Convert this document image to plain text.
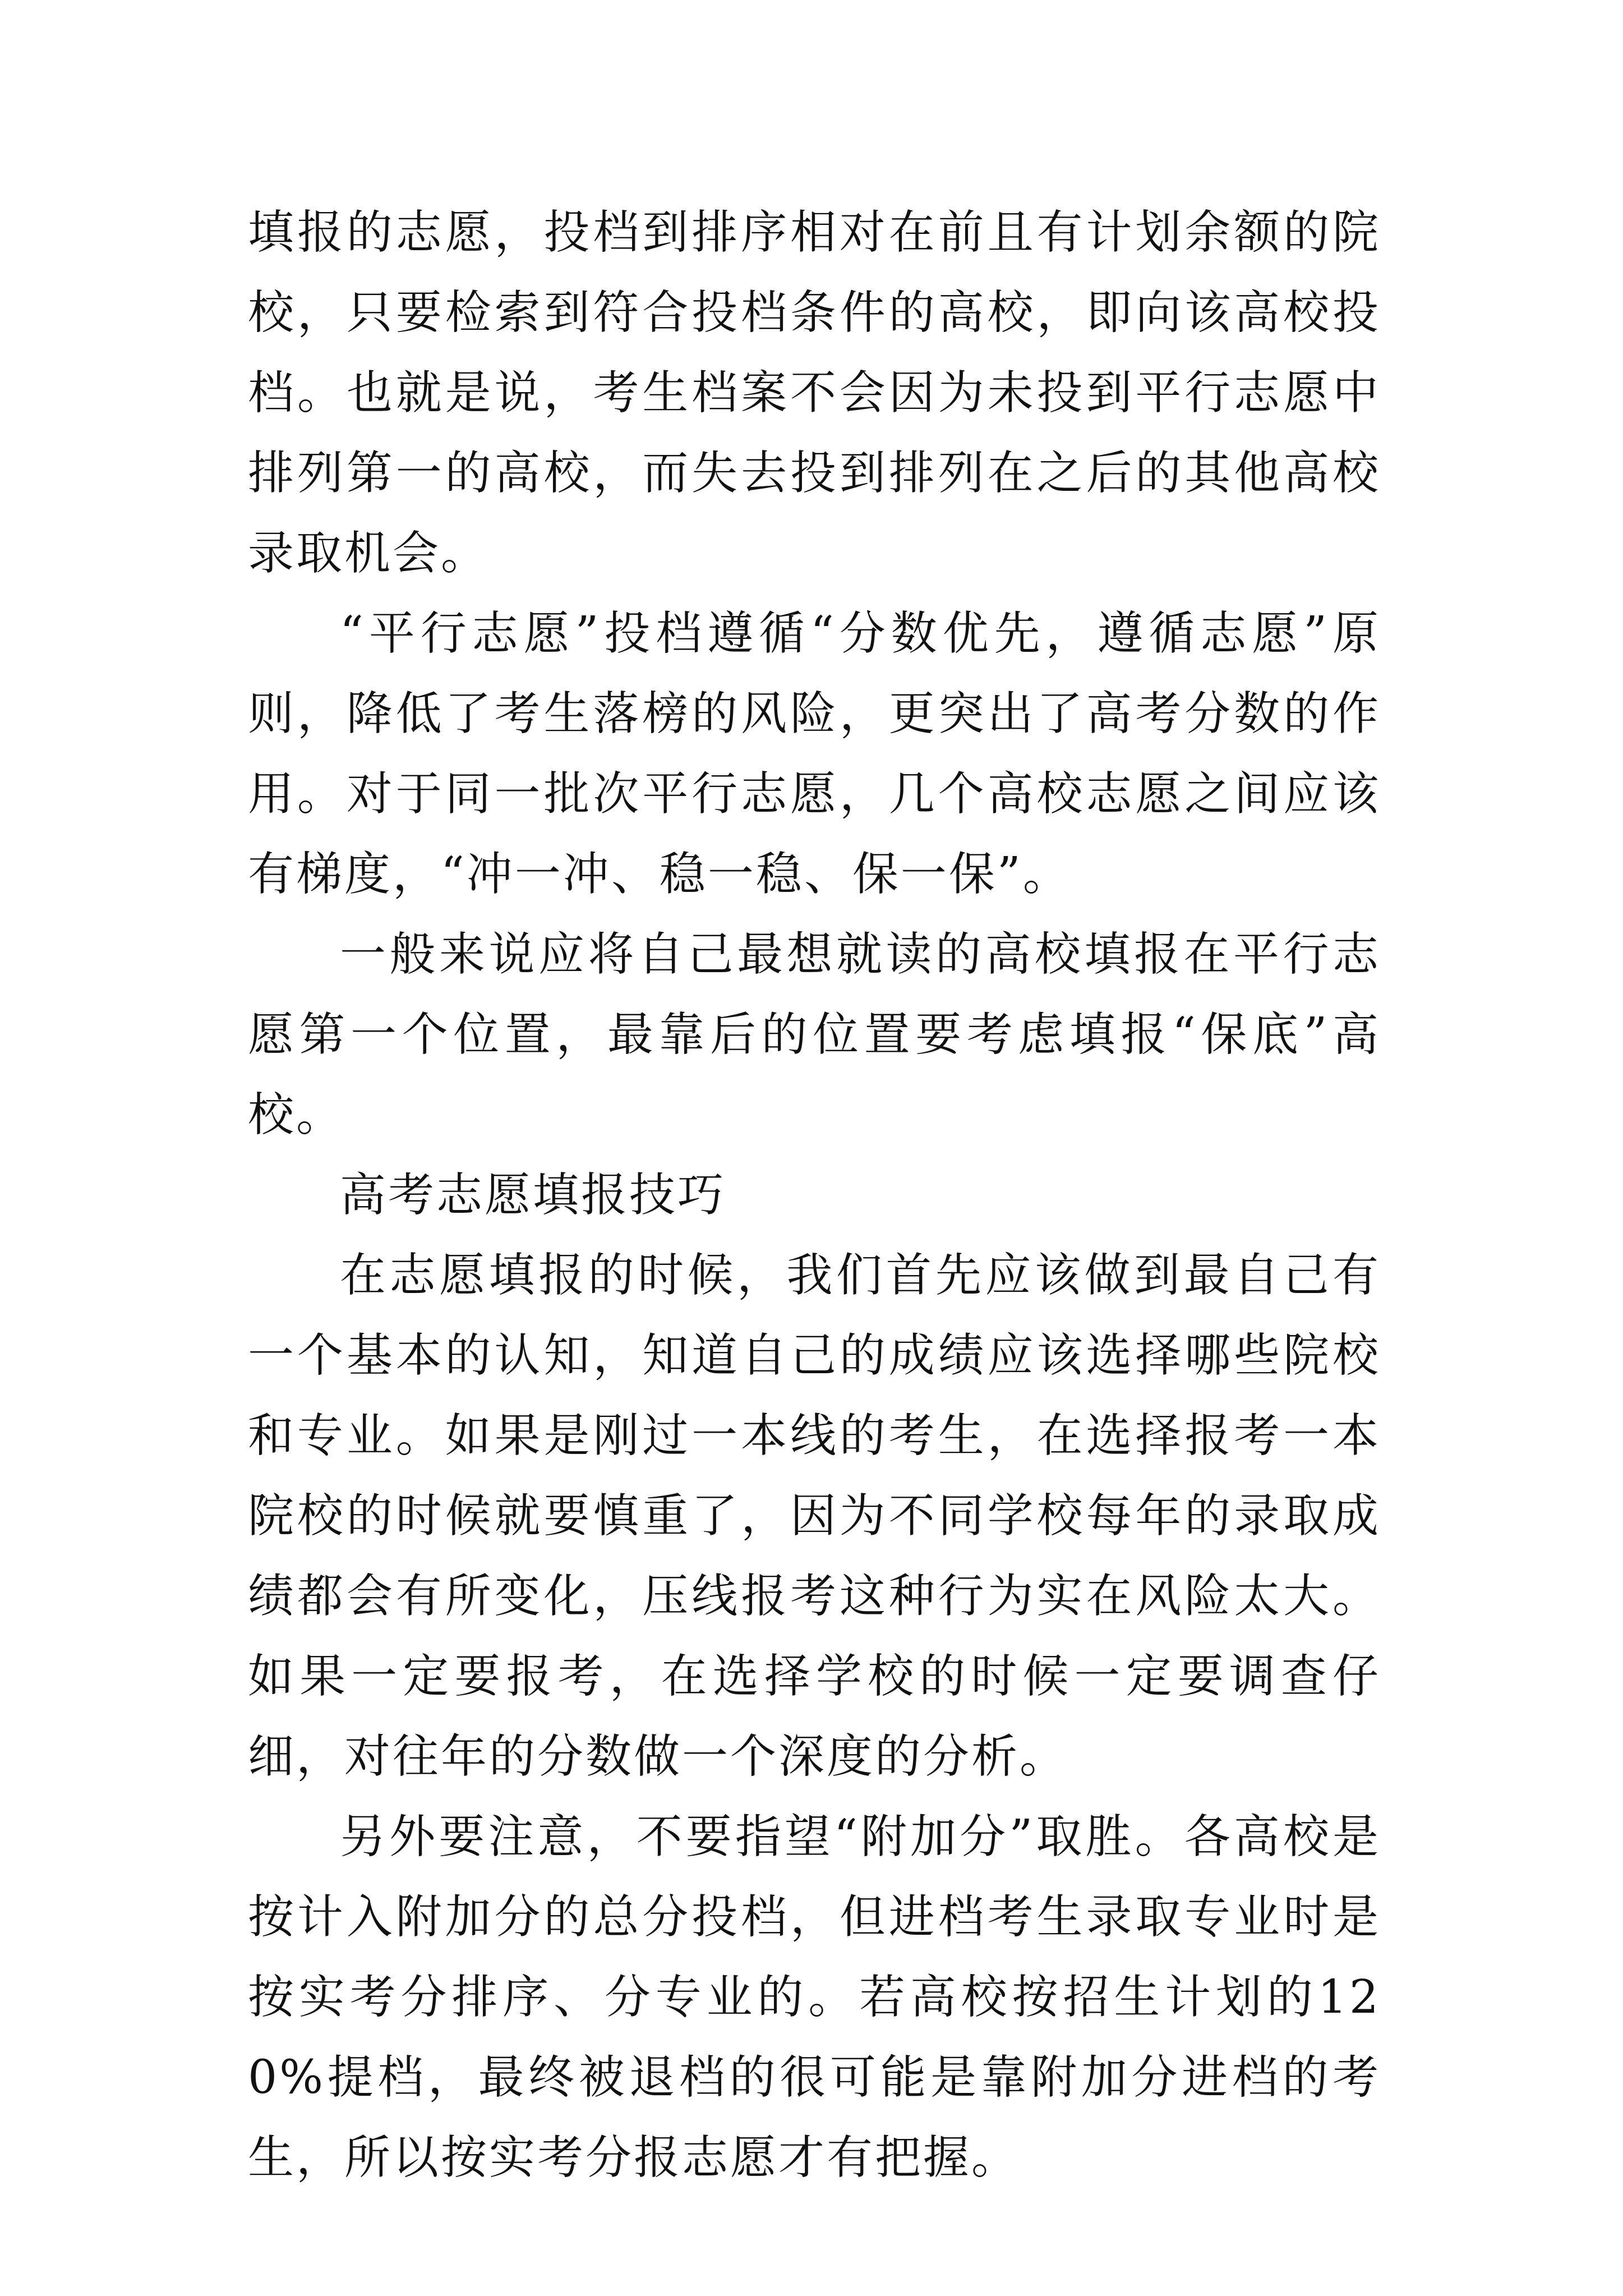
填报的志愿，投档到排序相对在前且有计划余额的院校，只要检索到符合投档条件的高校，即向该高校投档。也就是说，考生档案不会因为未投到平行志愿中排列第一的高校，而失去投到排列在之后的其他高校录取机会。

“平行志愿”投档遵循“分数优先，遵循志愿”原则，降低了考生落榜的风险，更突出了高考分数的作用。对于同一批次平行志愿，几个高校志愿之间应该有梯度，“冲一冲、稳一稳、保一保”。

一般来说应将自己最想就读的高校填报在平行志愿第一个位置，最靠后的位置要考虑填报“保底”高校。

高考志愿填报技巧

在志愿填报的时候，我们首先应该做到最自己有一个基本的认知，知道自己的成绩应该选择哪些院校和专业。如果是刚过一本线的考生，在选择报考一本院校的时候就要慎重了，因为不同学校每年的录取成绩都会有所变化，压线报考这种行为实在风险太大。如果一定要报考，在选择学校的时候一定要调查仔细，对往年的分数做一个深度的分析。

另外要注意，不要指望“附加分”取胜。各高校是按计入附加分的总分投档，但进档考生录取专业时是按实考分排序、分专业的。若高校按招生计划的120%提档，最终被退档的很可能是靠附加分进档的考生，所以按实考分报志愿才有把握。
